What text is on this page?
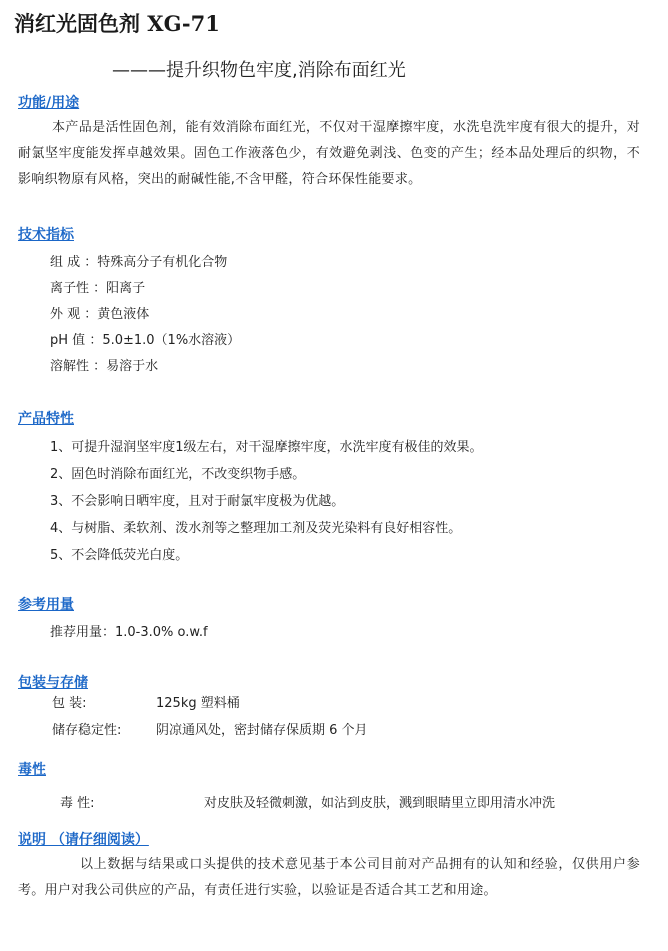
消红光固色剂 XG-71
———提升织物色牢度,消除布面红光
功能/用途
本产品是活性固色剂，能有效消除布面红光，不仅对干湿摩擦牢度，水洗皂洗牢度有很大的提升，对耐氯坚牢度能发挥卓越效果。固色工作液落色少，有效避免剥浅、色变的产生；经本品处理后的织物，不影响织物原有风格，突出的耐碱性能,不含甲醛，符合环保性能要求。
技术指标
组 成 ：特殊高分子有机化合物
离子性 ：阳离子
外 观 ：黄色液体
pH 值 ：5.0±1.0（1%水溶液）
溶解性 ：易溶于水
产品特性
1、可提升湿润坚牢度1级左右，对干湿摩擦牢度，水洗牢度有极佳的效果。
2、固色时消除布面红光，不改变织物手感。
3、不会影响日晒牢度，且对于耐氯牢度极为优越。
4、与树脂、柔软剂、泼水剂等之整理加工剂及荧光染料有良好相容性。
5、不会降低荧光白度。
参考用量
推荐用量：1.0-3.0% o.w.f
包装与存储
包 装:	125kg 塑料桶
储存稳定性:	阴凉通风处，密封储存保质期 6 个月
毒性
毒 性:	对皮肤及轻微刺激，如沾到皮肤，溅到眼睛里立即用清水冲洗
说明 （请仔细阅读）
以上数据与结果或口头提供的技术意见基于本公司目前对产品拥有的认知和经验，仅供用户参考。用户对我公司供应的产品，有责任进行实验，以验证是否适合其工艺和用途。
